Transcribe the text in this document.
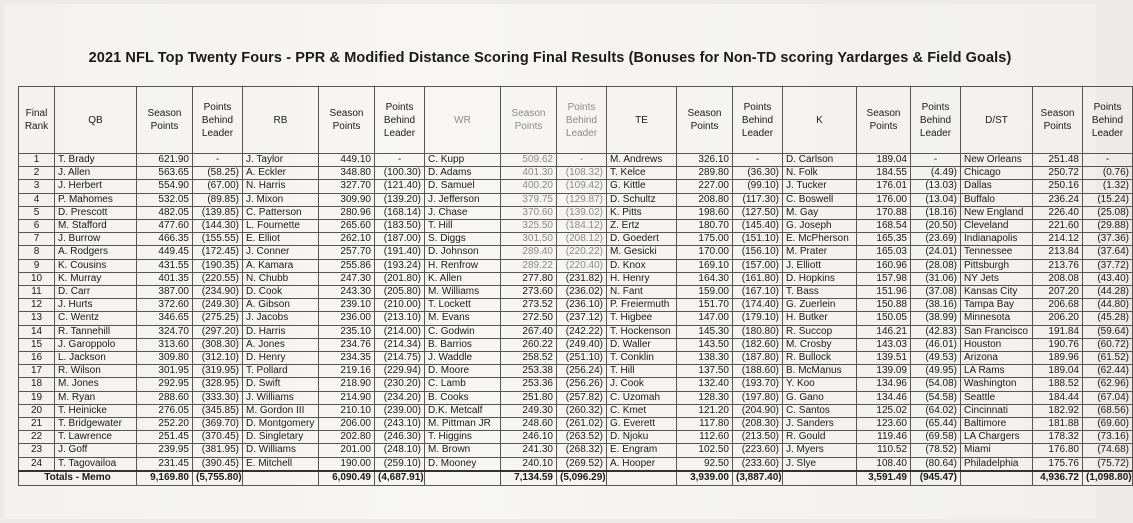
2021 NFL Top Twenty Fours - PPR & Modified Distance Scoring Final Results (Bonuses for Non-TD scoring Yardarges & Field Goals)
Final Rank	QB	Season Points	Points Behind Leader	RB	Season Points	Points Behind Leader	WR	Season Points	Points Behind Leader	TE	Season Points	Points Behind Leader	K	Season Points	Points Behind Leader	D/ST	Season Points	Points Behind Leader
1	T. Brady	621.90	-	J. Taylor	449.10	-	C. Kupp	509.62	-	M. Andrews	326.10	-	D. Carlson	189.04	-	New Orleans	251.48	-
2	J. Allen	563.65	(58.25)	A. Eckler	348.80	(100.30)	D. Adams	401.30	(108.32)	T. Kelce	289.80	(36.30)	N. Folk	184.55	(4.49)	Chicago	250.72	(0.76)
3	J. Herbert	554.90	(67.00)	N. Harris	327.70	(121.40)	D. Samuel	400.20	(109.42)	G. Kittle	227.00	(99.10)	J. Tucker	176.01	(13.03)	Dallas	250.16	(1.32)
4	P. Mahomes	532.05	(89.85)	J. Mixon	309.90	(139.20)	J. Jefferson	379.75	(129.87)	D. Schultz	208.80	(117.30)	C. Boswell	176.00	(13.04)	Buffalo	236.24	(15.24)
5	D. Prescott	482.05	(139.85)	C. Patterson	280.96	(168.14)	J. Chase	370.60	(139.02)	K. Pitts	198.60	(127.50)	M. Gay	170.88	(18.16)	New England	226.40	(25.08)
6	M. Stafford	477.60	(144.30)	L. Fournette	265.60	(183.50)	T. Hill	325.50	(184.12)	Z. Ertz	180.70	(145.40)	G. Joseph	168.54	(20.50)	Cleveland	221.60	(29.88)
7	J. Burrow	466.35	(155.55)	E. Elliot	262.10	(187.00)	S. Diggs	301.50	(208.12)	D. Goedert	175.00	(151.10)	E. McPherson	165.35	(23.69)	Indianapolis	214.12	(37.36)
8	A. Rodgers	449.45	(172.45)	J. Conner	257.70	(191.40)	D. Johnson	289.40	(220.22)	M. Gesicki	170.00	(156.10)	M. Prater	165.03	(24.01)	Tennessee	213.84	(37.64)
9	K. Cousins	431.55	(190.35)	A. Kamara	255.86	(193.24)	H. Renfrow	289.22	(220.40)	D. Knox	169.10	(157.00)	J. Elliott	160.96	(28.08)	Pittsburgh	213.76	(37.72)
10	K. Murray	401.35	(220.55)	N. Chubb	247.30	(201.80)	K. Allen	277.80	(231.82)	H. Henry	164.30	(161.80)	D. Hopkins	157.98	(31.06)	NY Jets	208.08	(43.40)
11	D. Carr	387.00	(234.90)	D. Cook	243.30	(205.80)	M. Williams	273.60	(236.02)	N. Fant	159.00	(167.10)	T. Bass	151.96	(37.08)	Kansas City	207.20	(44.28)
12	J. Hurts	372.60	(249.30)	A. Gibson	239.10	(210.00)	T. Lockett	273.52	(236.10)	P. Freiermuth	151.70	(174.40)	G. Zuerlein	150.88	(38.16)	Tampa Bay	206.68	(44.80)
13	C. Wentz	346.65	(275.25)	J. Jacobs	236.00	(213.10)	M. Evans	272.50	(237.12)	T. Higbee	147.00	(179.10)	H. Butker	150.05	(38.99)	Minnesota	206.20	(45.28)
14	R. Tannehill	324.70	(297.20)	D. Harris	235.10	(214.00)	C. Godwin	267.40	(242.22)	T. Hockenson	145.30	(180.80)	R. Succop	146.21	(42.83)	San Francisco	191.84	(59.64)
15	J. Garoppolo	313.60	(308.30)	A. Jones	234.76	(214.34)	B. Barrios	260.22	(249.40)	D. Waller	143.50	(182.60)	M. Crosby	143.03	(46.01)	Houston	190.76	(60.72)
16	L. Jackson	309.80	(312.10)	D. Henry	234.35	(214.75)	J. Waddle	258.52	(251.10)	T. Conklin	138.30	(187.80)	R. Bullock	139.51	(49.53)	Arizona	189.96	(61.52)
17	R. Wilson	301.95	(319.95)	T. Pollard	219.16	(229.94)	D. Moore	253.38	(256.24)	T. Hill	137.50	(188.60)	B. McManus	139.09	(49.95)	LA Rams	189.04	(62.44)
18	M. Jones	292.95	(328.95)	D. Swift	218.90	(230.20)	C. Lamb	253.36	(256.26)	J. Cook	132.40	(193.70)	Y. Koo	134.96	(54.08)	Washington	188.52	(62.96)
19	M. Ryan	288.60	(333.30)	J. Williams	214.90	(234.20)	B. Cooks	251.80	(257.82)	C. Uzomah	128.30	(197.80)	G. Gano	134.46	(54.58)	Seattle	184.44	(67.04)
20	T. Heinicke	276.05	(345.85)	M. Gordon III	210.10	(239.00)	D.K. Metcalf	249.30	(260.32)	C. Kmet	121.20	(204.90)	C. Santos	125.02	(64.02)	Cincinnati	182.92	(68.56)
21	T. Bridgewater	252.20	(369.70)	D. Montgomery	206.00	(243.10)	M. Pittman JR	248.60	(261.02)	G. Everett	117.80	(208.30)	J. Sanders	123.60	(65.44)	Baltimore	181.88	(69.60)
22	T. Lawrence	251.45	(370.45)	D. Singletary	202.80	(246.30)	T. Higgins	246.10	(263.52)	D. Njoku	112.60	(213.50)	R. Gould	119.46	(69.58)	LA Chargers	178.32	(73.16)
23	J. Goff	239.95	(381.95)	D. Williams	201.00	(248.10)	M. Brown	241.30	(268.32)	E. Engram	102.50	(223.60)	J. Myers	110.52	(78.52)	Miami	176.80	(74.68)
24	T. Tagovailoa	231.45	(390.45)	E. Mitchell	190.00	(259.10)	D. Mooney	240.10	(269.52)	A. Hooper	92.50	(233.60)	J. Slye	108.40	(80.64)	Philadelphia	175.76	(75.72)
Totals - Memo		9,169.80	(5,755.80)		6,090.49	(4,687.91)		7,134.59	(5,096.29)		3,939.00	(3,887.40)		3,591.49	(945.47)		4,936.72	(1,098.80)
